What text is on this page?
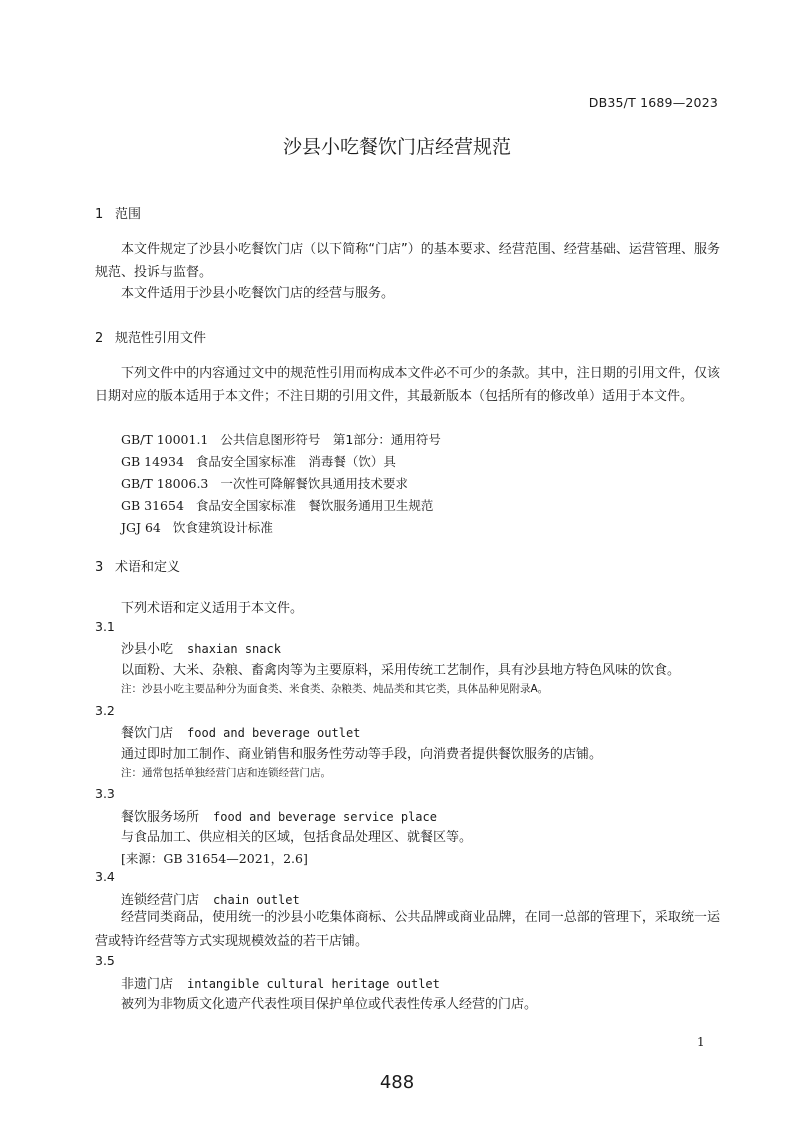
DB35/T 1689—2023
沙县小吃餐饮门店经营规范
1 范围
本文件规定了沙县小吃餐饮门店（以下简称“门店”）的基本要求、经营范围、经营基础、运营管理、服务规范、投诉与监督。
本文件适用于沙县小吃餐饮门店的经营与服务。
2 规范性引用文件
下列文件中的内容通过文中的规范性引用而构成本文件必不可少的条款。其中，注日期的引用文件，仅该日期对应的版本适用于本文件；不注日期的引用文件，其最新版本（包括所有的修改单）适用于本文件。
GB/T 10001.1 公共信息图形符号　第1部分：通用符号
GB 14934 食品安全国家标准　消毒餐（饮）具
GB/T 18006.3 一次性可降解餐饮具通用技术要求
GB 31654 食品安全国家标准　餐饮服务通用卫生规范
JGJ 64 饮食建筑设计标准
3 术语和定义
下列术语和定义适用于本文件。
3.1
沙县小吃 shaxian snack
以面粉、大米、杂粮、畜禽肉等为主要原料，采用传统工艺制作，具有沙县地方特色风味的饮食。
注：沙县小吃主要品种分为面食类、米食类、杂粮类、炖品类和其它类，具体品种见附录A。
3.2
餐饮门店 food and beverage outlet
通过即时加工制作、商业销售和服务性劳动等手段，向消费者提供餐饮服务的店铺。
注：通常包括单独经营门店和连锁经营门店。
3.3
餐饮服务场所 food and beverage service place
与食品加工、供应相关的区域，包括食品处理区、就餐区等。
[来源：GB 31654—2021，2.6]
3.4
连锁经营门店 chain outlet
经营同类商品，使用统一的沙县小吃集体商标、公共品牌或商业品牌，在同一总部的管理下，采取统一运营或特许经营等方式实现规模效益的若干店铺。
3.5
非遗门店 intangible cultural heritage outlet
被列为非物质文化遗产代表性项目保护单位或代表性传承人经营的门店。
1
488
